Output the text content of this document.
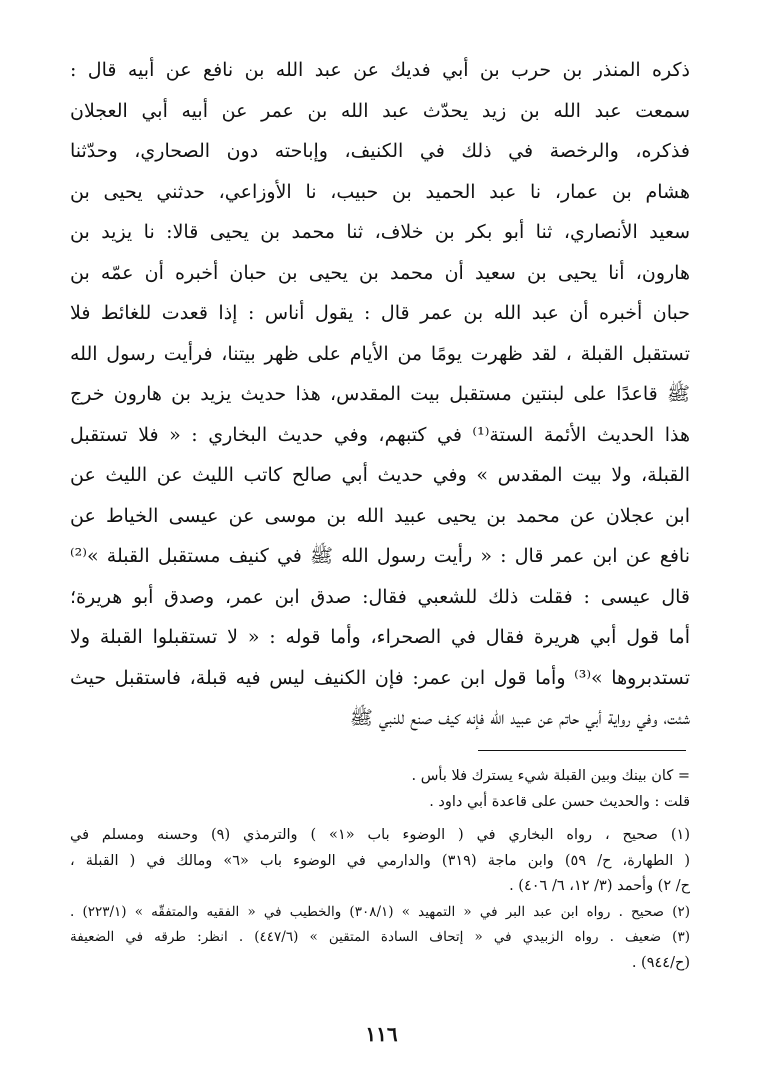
ذكره المنذر بن حرب بن أبي فديك عن عبد الله بن نافع عن أبيه قال :
سمعت عبد الله بن زيد يحدّث عبد الله بن عمر عن أبيه أبي العجلان
فذكره، والرخصة في ذلك في الكنيف، وإباحته دون الصحاري، وحدّثنا
هشام بن عمار، نا عبد الحميد بن حبيب، نا الأوزاعي، حدثني يحيى بن
سعيد الأنصاري، ثنا أبو بكر بن خلاف، ثنا محمد بن يحيى قالا: نا يزيد بن
هارون، أنا يحيى بن سعيد أن محمد بن يحيى بن حبان أخبره أن عمّه بن
حبان أخبره أن عبد الله بن عمر قال : يقول أناس : إذا قعدت للغائط فلا
تستقبل القبلة ، لقد ظهرت يومًا من الأيام على ظهر بيتنا، فرأيت رسول الله
ﷺ قاعدًا على لبنتين مستقبل بيت المقدس، هذا حديث يزيد بن هارون خرج
هذا الحديث الأئمة الستة⁽¹⁾ في كتبهم، وفي حديث البخاري : « فلا تستقبل
القبلة، ولا بيت المقدس » وفي حديث أبي صالح كاتب الليث عن الليث عن
ابن عجلان عن محمد بن يحيى عبيد الله بن موسى عن عيسى الخياط عن
نافع عن ابن عمر قال : « رأيت رسول الله ﷺ في كنيف مستقبل القبلة »⁽²⁾
قال عيسى : فقلت ذلك للشعبي فقال: صدق ابن عمر، وصدق أبو هريرة؛
أما قول أبي هريرة فقال في الصحراء، وأما قوله : « لا تستقبلوا القبلة ولا
تستدبروها »⁽³⁾ وأما قول ابن عمر: فإن الكنيف ليس فيه قبلة، فاستقبل حيث
شئت، وفي رواية أبي حاتم عن عبيد الله فإنه كيف صنع للنبي ﷺ
= كان بينك وبين القبلة شيء يسترك فلا بأس .
قلت : والحديث حسن على قاعدة أبي داود .
(١) صحيح ، رواه البخاري في ( الوضوء باب «١» ) والترمذي (٩) وحسنه ومسلم في
( الطهارة، ح/ ٥٩) وابن ماجة (٣١٩) والدارمي في الوضوء باب «٦» ومالك في ( القبلة ،
ح/ ٢) وأحمد (٣/ ١٢، ٦/ ٤٠٦) .
(٢) صحيح . رواه ابن عبد البر في « التمهيد » (٣٠٨/١) والخطيب في « الفقيه والمتفقّه » (٢٢٣/١) .
(٣) ضعيف . رواه الزبيدي في « إتحاف السادة المتقين » (٤٤٧/٦) . انظر: طرقه في الضعيفة
(ح/٩٤٤) .
١١٦
